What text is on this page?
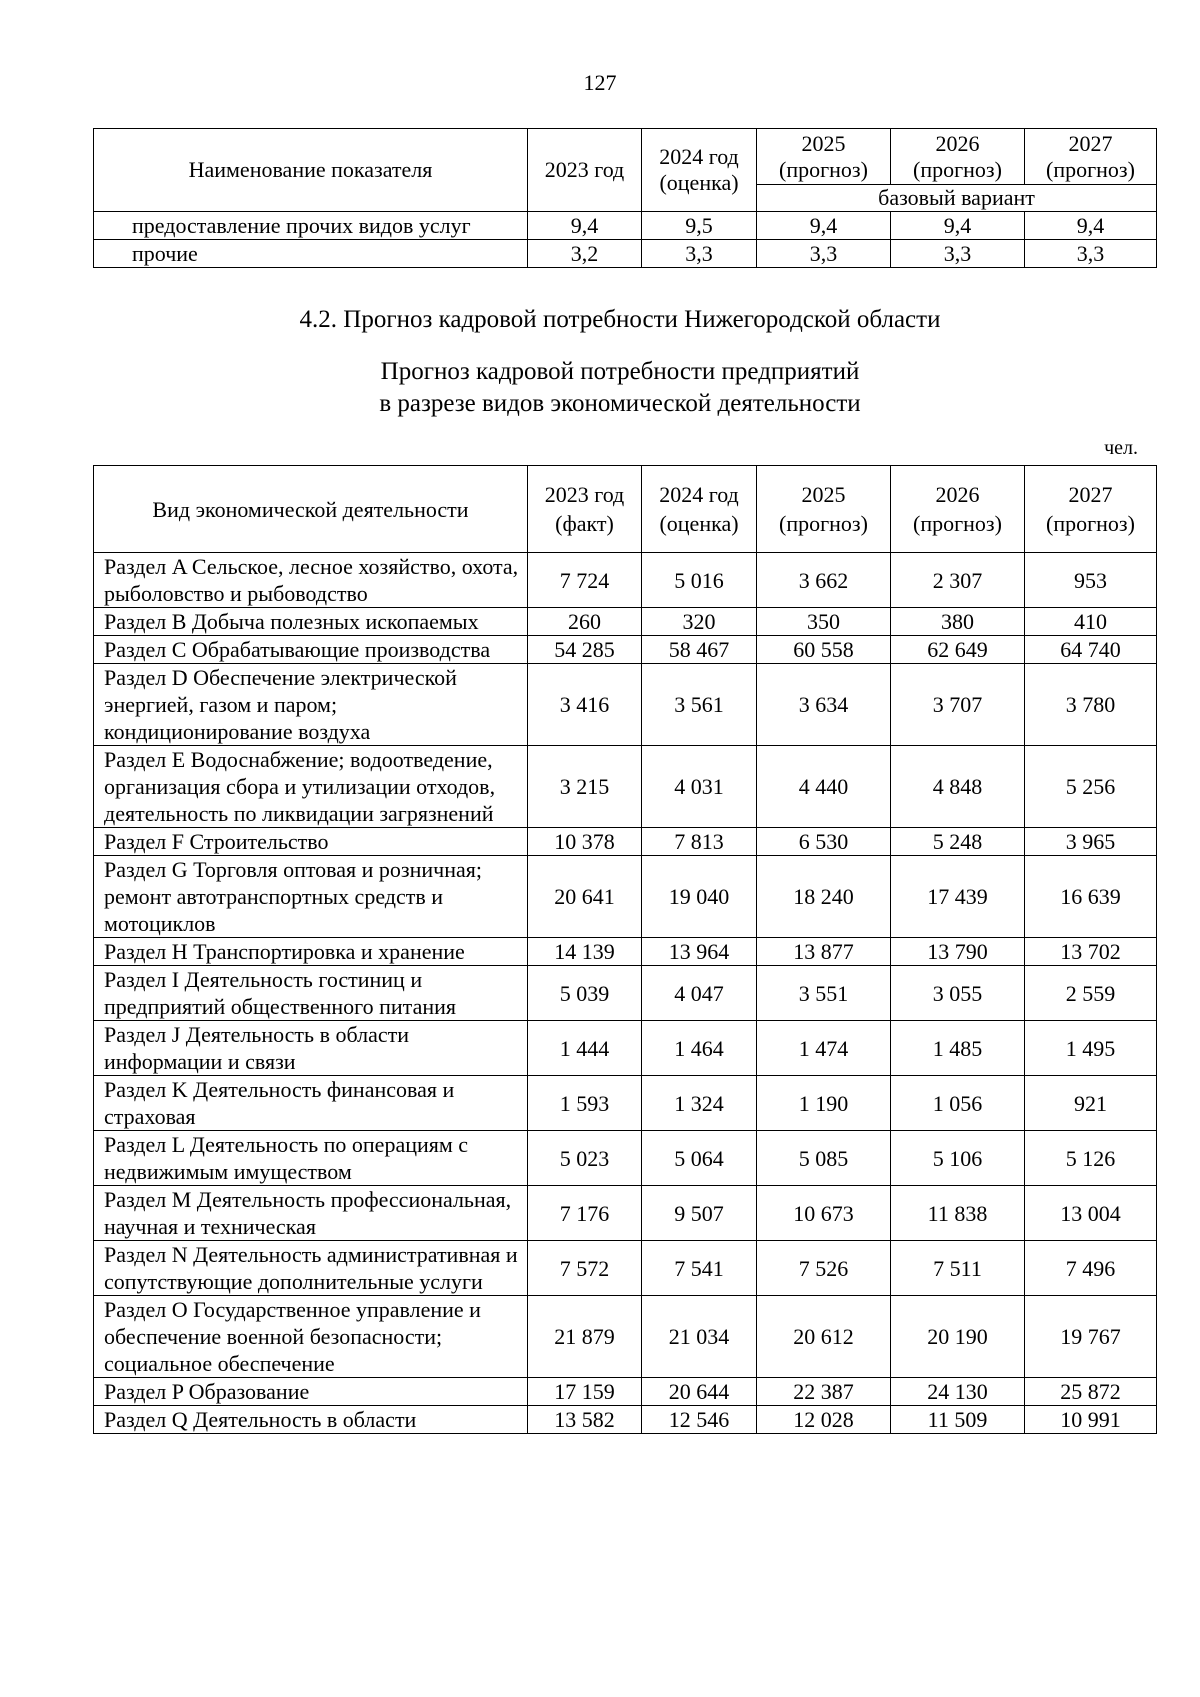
127
Наименование показателя	2023 год	2024 год (оценка)	2025 (прогноз)	2026 (прогноз)	2027 (прогноз)
			базовый вариант		
предоставление прочих видов услуг	9,4	9,5	9,4	9,4	9,4
прочие	3,2	3,3	3,3	3,3	3,3
4.2. Прогноз кадровой потребности Нижегородской области
Прогноз кадровой потребности предприятий
в разрезе видов экономической деятельности
чел.
Вид экономической деятельности	2023 год (факт)	2024 год (оценка)	2025 (прогноз)	2026 (прогноз)	2027 (прогноз)
Раздел A Сельское, лесное хозяйство, охота, рыболовство и рыбоводство	7 724	5 016	3 662	2 307	953
Раздел B Добыча полезных ископаемых	260	320	350	380	410
Раздел C Обрабатывающие производства	54 285	58 467	60 558	62 649	64 740
Раздел D Обеспечение электрической энергией, газом и паром; кондиционирование воздуха	3 416	3 561	3 634	3 707	3 780
Раздел E Водоснабжение; водоотведение, организация сбора и утилизации отходов, деятельность по ликвидации загрязнений	3 215	4 031	4 440	4 848	5 256
Раздел F Строительство	10 378	7 813	6 530	5 248	3 965
Раздел G Торговля оптовая и розничная; ремонт автотранспортных средств и мотоциклов	20 641	19 040	18 240	17 439	16 639
Раздел H Транспортировка и хранение	14 139	13 964	13 877	13 790	13 702
Раздел I Деятельность гостиниц и предприятий общественного питания	5 039	4 047	3 551	3 055	2 559
Раздел J Деятельность в области информации и связи	1 444	1 464	1 474	1 485	1 495
Раздел K Деятельность финансовая и страховая	1 593	1 324	1 190	1 056	921
Раздел L Деятельность по операциям с недвижимым имуществом	5 023	5 064	5 085	5 106	5 126
Раздел M Деятельность профессиональная, научная и техническая	7 176	9 507	10 673	11 838	13 004
Раздел N Деятельность административная и сопутствующие дополнительные услуги	7 572	7 541	7 526	7 511	7 496
Раздел O Государственное управление и обеспечение военной безопасности; социальное обеспечение	21 879	21 034	20 612	20 190	19 767
Раздел P Образование	17 159	20 644	22 387	24 130	25 872
Раздел Q Деятельность в области	13 582	12 546	12 028	11 509	10 991
